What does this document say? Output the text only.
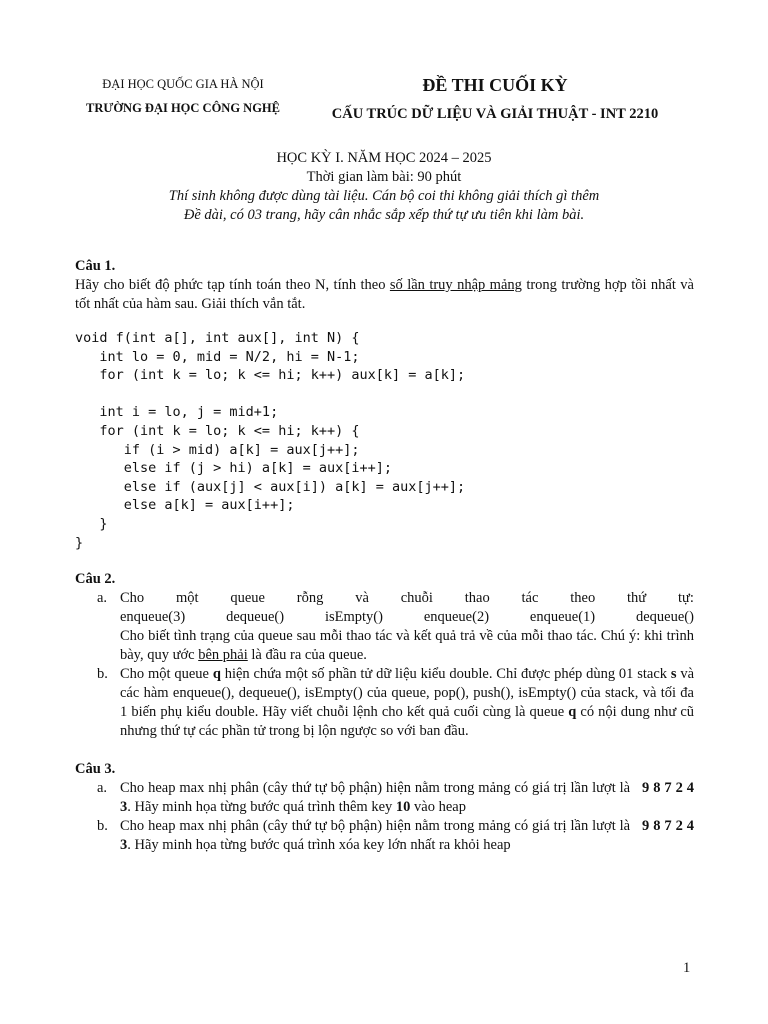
ĐẠI HỌC QUỐC GIA HÀ NỘI
TRƯỜNG ĐẠI HỌC CÔNG NGHỆ
ĐỀ THI CUỐI KỲ
CẤU TRÚC DỮ LIỆU VÀ GIẢI THUẬT - INT 2210
HỌC KỲ I. NĂM HỌC 2024 – 2025
Thời gian làm bài: 90 phút
Thí sinh không được dùng tài liệu. Cán bộ coi thi không giải thích gì thêm
Đề dài, có 03 trang, hãy cân nhắc sắp xếp thứ tự ưu tiên khi làm bài.
Câu 1.
Hãy cho biết độ phức tạp tính toán theo N, tính theo số lần truy nhập mảng trong trường hợp tồi nhất và tốt nhất của hàm sau. Giải thích vắn tắt.
void f(int a[], int aux[], int N) {
int lo = 0, mid = N/2, hi = N-1;
for (int k = lo; k <= hi; k++) aux[k] = a[k];

int i = lo, j = mid+1;
for (int k = lo; k <= hi; k++) {
if (i > mid) a[k] = aux[j++];
else if (j > hi) a[k] = aux[i++];
else if (aux[j] < aux[i]) a[k] = aux[j++];
else a[k] = aux[i++];
}
}
Câu 2.
a. Cho một queue rỗng và chuỗi thao tác theo thứ tự:
enqueue(3)	dequeue()	isEmpty()	enqueue(2)	enqueue(1)	dequeue()
Cho biết tình trạng của queue sau mỗi thao tác và kết quả trả về của mỗi thao tác. Chú ý: khi trình bày, quy ước bên phải là đầu ra của queue.
b. Cho một queue q hiện chứa một số phần tử dữ liệu kiểu double. Chỉ được phép dùng 01 stack s và các hàm enqueue(), dequeue(), isEmpty() của queue, pop(), push(), isEmpty() của stack, và tối đa 1 biến phụ kiểu double. Hãy viết chuỗi lệnh cho kết quả cuối cùng là queue q có nội dung như cũ nhưng thứ tự các phần tử trong bị lộn ngược so với ban đầu.
Câu 3.
a. Cho heap max nhị phân (cây thứ tự bộ phận) hiện nằm trong mảng có giá trị lần lượt là 9 8 7 2 4 3. Hãy minh họa từng bước quá trình thêm key 10 vào heap
b. Cho heap max nhị phân (cây thứ tự bộ phận) hiện nằm trong mảng có giá trị lần lượt là 9 8 7 2 4 3. Hãy minh họa từng bước quá trình xóa key lớn nhất ra khỏi heap
1
